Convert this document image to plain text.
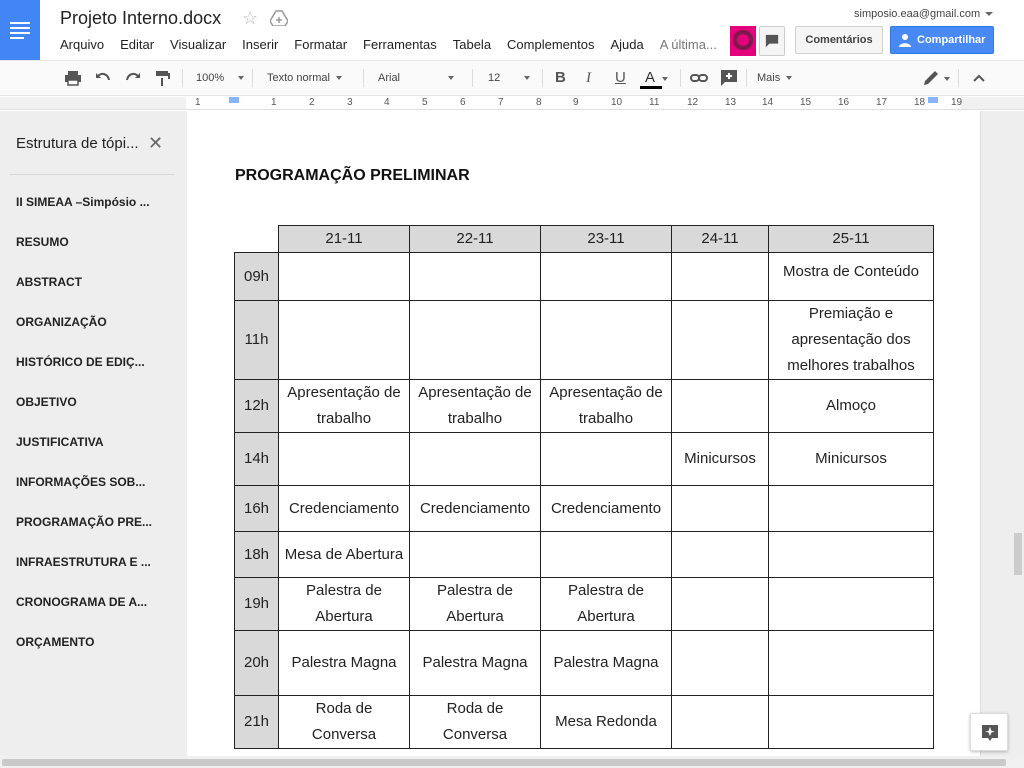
Projeto Interno.docx ☆
Arquivo Editar Visualizar Inserir Formatar Ferramentas Tabela Complementos Ajuda A última...
simposio.eaa@gmail.com
Comentários	Compartilhar
100%	Texto normal	Arial	12	B I U A	Mais
1	1	2	3	4	5	6	7	8	9	10	11	12	13	14	15	16	17	18	19
Estrutura de tópi... ✕
II SIMEAA –Simpósio ...
RESUMO
ABSTRACT
ORGANIZAÇÃO
HISTÓRICO DE EDIÇ...
OBJETIVO
JUSTIFICATIVA
INFORMAÇÕES SOB...
PROGRAMAÇÃO PRE...
INFRAESTRUTURA E ...
CRONOGRAMA DE A...
ORÇAMENTO
PROGRAMAÇÃO PRELIMINAR
	21-11	22-11	23-11	24-11	25-11
09h					Mostra de Conteúdo
11h					Premiação e apresentação dos melhores trabalhos
12h	Apresentação de trabalho	Apresentação de trabalho	Apresentação de trabalho		Almoço
14h				Minicursos	Minicursos
16h	Credenciamento	Credenciamento	Credenciamento		
18h	Mesa de Abertura				
19h	Palestra de Abertura	Palestra de Abertura	Palestra de Abertura		
20h	Palestra Magna	Palestra Magna	Palestra Magna		
21h	Roda de Conversa	Roda de Conversa	Mesa Redonda		
